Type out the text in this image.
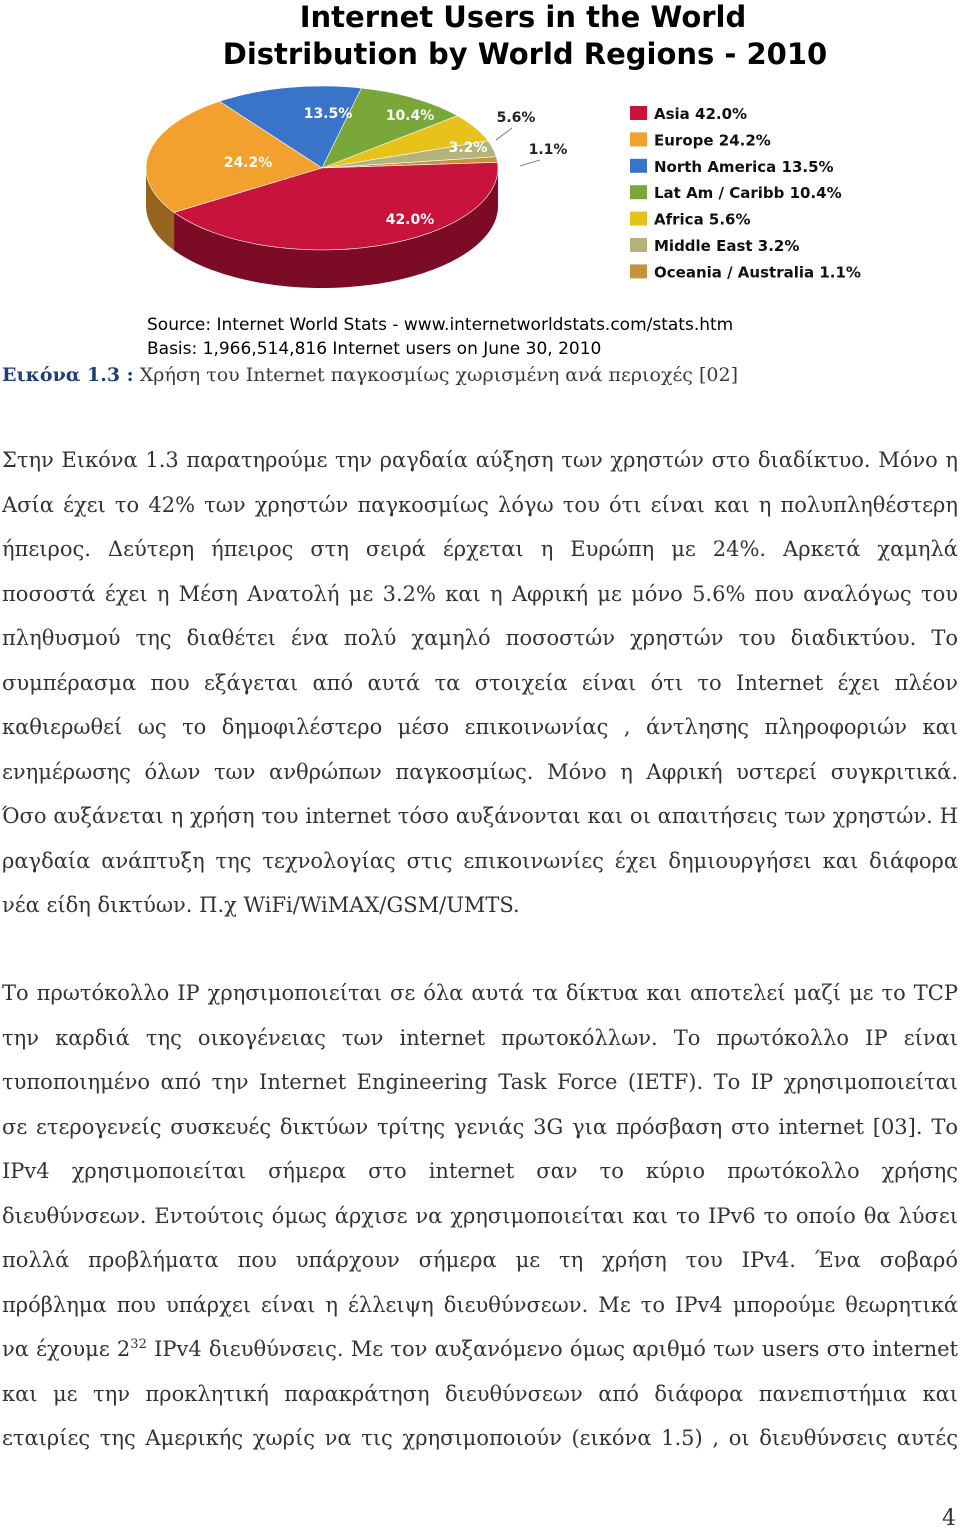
Internet Users in the World
Distribution by World Regions - 2010
42.0%
24.2%
13.5% 10.4%	5.6%
3.2%	1.1%
Asia 42.0%
Europe 24.2%
North America 13.5%
Lat Am / Caribb 10.4%
Africa 5.6%
Middle East 3.2%
Oceania / Australia 1.1%
Source: Internet World Stats - www.internetworldstats.com/stats.htm
Basis: 1,966,514,816 Internet users on June 30, 2010
Εικόνα 1.3 : Χρήση του Internet παγκοσμίως χωρισμένη ανά περιοχές [02]
Στην Εικόνα 1.3 παρατηρούμε την ραγδαία αύξηση των χρηστών στο διαδίκτυο. Μόνο η
Ασία έχει το 42% των χρηστών παγκοσμίως λόγω του ότι είναι και η πολυπληθέστερη
ήπειρος. Δεύτερη ήπειρος στη σειρά έρχεται η Ευρώπη με 24%. Αρκετά χαμηλά
ποσοστά έχει η Μέση Ανατολή με 3.2% και η Αφρική με μόνο 5.6% που αναλόγως του
πληθυσμού της διαθέτει ένα πολύ χαμηλό ποσοστών χρηστών του διαδικτύου. Το
συμπέρασμα που εξάγεται από αυτά τα στοιχεία είναι ότι το Internet έχει πλέον
καθιερωθεί ως το δημοφιλέστερο μέσο επικοινωνίας , άντλησης πληροφοριών και
ενημέρωσης όλων των ανθρώπων παγκοσμίως. Μόνο η Αφρική υστερεί συγκριτικά.
Όσο αυξάνεται η χρήση του internet τόσο αυξάνονται και οι απαιτήσεις των χρηστών. Η
ραγδαία ανάπτυξη της τεχνολογίας στις επικοινωνίες έχει δημιουργήσει και διάφορα
νέα είδη δικτύων. Π.χ WiFi/WiMAX/GSM/UMTS.
Το πρωτόκολλο IP χρησιμοποιείται σε όλα αυτά τα δίκτυα και αποτελεί μαζί με το TCP
την καρδιά της οικογένειας των internet πρωτοκόλλων. Το πρωτόκολλο IP είναι
τυποποιημένο από την Internet Engineering Task Force (IETF). Το IP χρησιμοποιείται
σε ετερογενείς συσκευές δικτύων τρίτης γενιάς 3G για πρόσβαση στο internet [03]. Το
IPv4 χρησιμοποιείται σήμερα στο internet σαν το κύριο πρωτόκολλο χρήσης
διευθύνσεων. Εντούτοις όμως άρχισε να χρησιμοποιείται και το IPv6 το οποίο θα λύσει
πολλά προβλήματα που υπάρχουν σήμερα με τη χρήση του IPv4. Ένα σοβαρό
πρόβλημα που υπάρχει είναι η έλλειψη διευθύνσεων. Με το IPv4 μπορούμε θεωρητικά
να έχουμε $2^{32}$ IPv4 διευθύνσεις. Με τον αυξανόμενο όμως αριθμό των users στο internet
και με την προκλητική παρακράτηση διευθύνσεων από διάφορα πανεπιστήμια και
εταιρίες της Αμερικής χωρίς να τις χρησιμοποιούν (εικόνα 1.5) , οι διευθύνσεις αυτές
4
